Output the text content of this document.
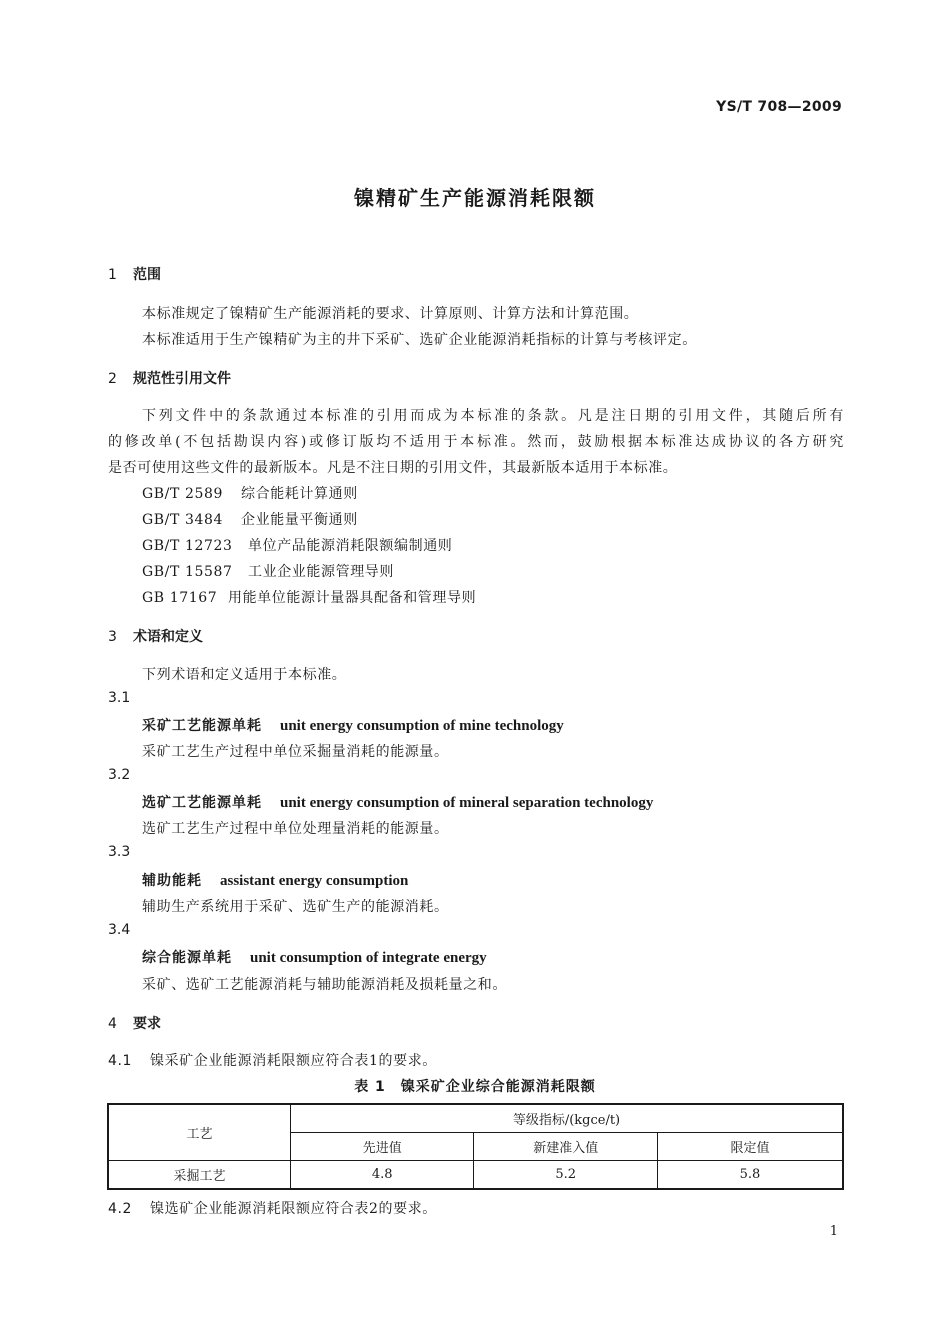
YS/T 708—2009
镍精矿生产能源消耗限额
1 范围
本标准规定了镍精矿生产能源消耗的要求、计算原则、计算方法和计算范围。
本标准适用于生产镍精矿为主的井下采矿、选矿企业能源消耗指标的计算与考核评定。
2 规范性引用文件
下列文件中的条款通过本标准的引用而成为本标准的条款。凡是注日期的引用文件，其随后所有
的修改单(不包括勘误内容)或修订版均不适用于本标准。然而，鼓励根据本标准达成协议的各方研究
是否可使用这些文件的最新版本。凡是不注日期的引用文件，其最新版本适用于本标准。
GB/T 2589 综合能耗计算通则
GB/T 3484 企业能量平衡通则
GB/T 12723 单位产品能源消耗限额编制通则
GB/T 15587 工业企业能源管理导则
GB 17167 用能单位能源计量器具配备和管理导则
3 术语和定义
下列术语和定义适用于本标准。
3.1
采矿工艺能源单耗 unit energy consumption of mine technology
采矿工艺生产过程中单位采掘量消耗的能源量。
3.2
选矿工艺能源单耗 unit energy consumption of mineral separation technology
选矿工艺生产过程中单位处理量消耗的能源量。
3.3
辅助能耗 assistant energy consumption
辅助生产系统用于采矿、选矿生产的能源消耗。
3.4
综合能源单耗 unit consumption of integrate energy
采矿、选矿工艺能源消耗与辅助能源消耗及损耗量之和。
4 要求
4.1 镍采矿企业能源消耗限额应符合表1的要求。
表 1　镍采矿企业综合能源消耗限额
工艺	等级指标/(kgce/t)		
	先进值	新建准入值	限定值
采掘工艺	4.8	5.2	5.8
4.2 镍选矿企业能源消耗限额应符合表2的要求。
1
